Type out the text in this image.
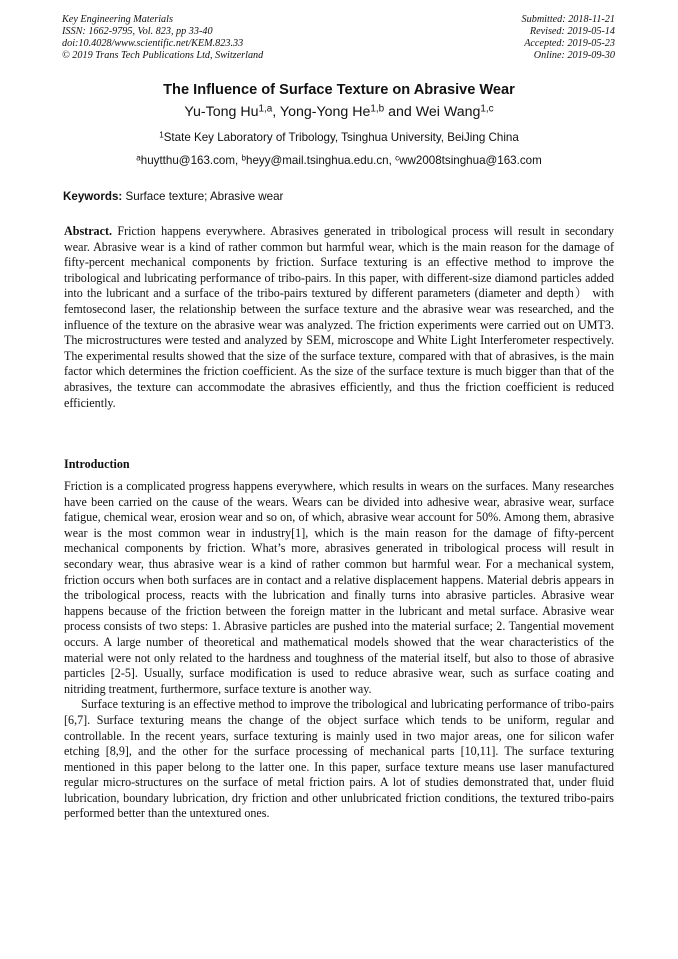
Key Engineering Materials
ISSN: 1662-9795, Vol. 823, pp 33-40
doi:10.4028/www.scientific.net/KEM.823.33
© 2019 Trans Tech Publications Ltd, Switzerland
Submitted: 2018-11-21
Revised: 2019-05-14
Accepted: 2019-05-23
Online: 2019-09-30
The Influence of Surface Texture on Abrasive Wear
Yu-Tong Hu$^{1,a}$, Yong-Yong He$^{1,b}$ and Wei Wang$^{1,c}$
$^1$State Key Laboratory of Tribology, Tsinghua University, BeiJing China
$^a$huytthu@163.com, $^b$heyy@mail.tsinghua.edu.cn, $^c$ww2008tsinghua@163.com
Keywords: Surface texture; Abrasive wear

Abstract. Friction happens everywhere. Abrasives generated in tribological process will result in secondary wear. Abrasive wear is a kind of rather common but harmful wear, which is the main reason for the damage of fifty-percent mechanical components by friction. Surface texturing is an effective method to improve the tribological and lubricating performance of tribo-pairs. In this paper, with different-size diamond particles added into the lubricant and a surface of the tribo-pairs textured by different parameters (diameter and depth） with femtosecond laser, the relationship between the surface texture and the abrasive wear was researched, and the influence of the texture on the abrasive wear was analyzed. The friction experiments were carried out on UMT3. The microstructures were tested and analyzed by SEM, microscope and White Light Interferometer respectively. The experimental results showed that the size of the surface texture, compared with that of abrasives, is the main factor which determines the friction coefficient. As the size of the surface texture is much bigger than that of the abrasives, the texture can accommodate the abrasives efficiently, and thus the friction coefficient is reduced efficiently.

Introduction

Friction is a complicated progress happens everywhere, which results in wears on the surfaces. Many researches have been carried on the cause of the wears. Wears can be divided into adhesive wear, abrasive wear, surface fatigue, chemical wear, erosion wear and so on, of which, abrasive wear account for 50%. Among them, abrasive wear is the most common wear in industry[1], which is the main reason for the damage of fifty-percent mechanical components by friction. What’s more, abrasives generated in tribological process will result in secondary wear, thus abrasive wear is a kind of rather common but harmful wear. For a mechanical system, friction occurs when both surfaces are in contact and a relative displacement happens. Material debris appears in the tribological process, reacts with the lubrication and finally turns into abrasive particles. Abrasive wear happens because of the friction between the foreign matter in the lubricant and metal surface. Abrasive wear process consists of two steps: 1. Abrasive particles are pushed into the material surface; 2. Tangential movement occurs. A large number of theoretical and mathematical models showed that the wear characteristics of the material were not only related to the hardness and toughness of the material itself, but also to those of abrasive particles [2-5]. Usually, surface modification is used to reduce abrasive wear, such as surface coating and nitriding treatment, furthermore, surface texture is another way.

Surface texturing is an effective method to improve the tribological and lubricating performance of tribo-pairs [6,7]. Surface texturing means the change of the object surface which tends to be uniform, regular and controllable. In the recent years, surface texturing is mainly used in two major areas, one for silicon wafer etching [8,9], and the other for the surface processing of mechanical parts [10,11]. The surface texturing mentioned in this paper belong to the latter one. In this paper, surface texture means use laser manufactured regular micro-structures on the surface of metal friction pairs. A lot of studies demonstrated that, under fluid lubrication, boundary lubrication, dry friction and other unlubricated friction conditions, the textured tribo-pairs performed better than the untextured ones.
